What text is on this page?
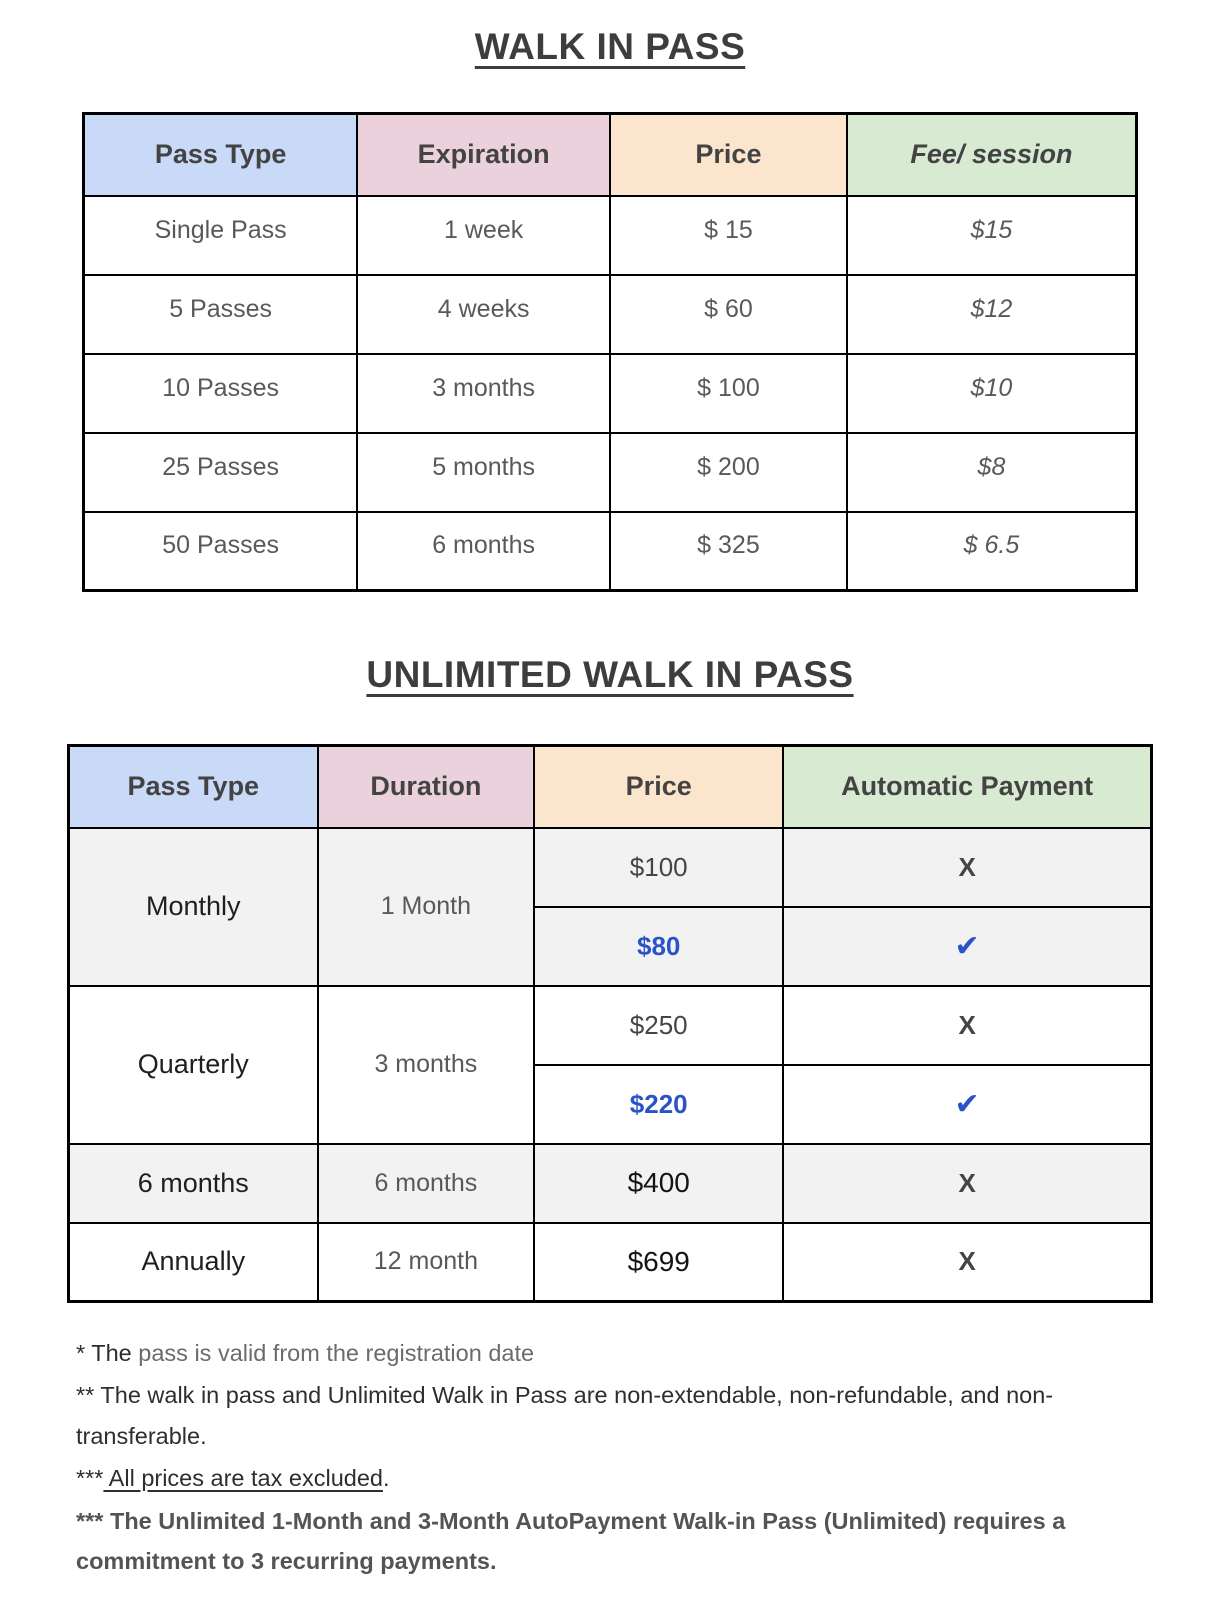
WALK IN PASS
Pass Type	Expiration	Price	Fee/ session
Single Pass	1 week	$ 15	$15
5 Passes	4 weeks	$ 60	$12
10 Passes	3 months	$ 100	$10
25 Passes	5 months	$ 200	$8
50 Passes	6 months	$ 325	$ 6.5
UNLIMITED WALK IN PASS
Pass Type	Duration	Price	Automatic Payment
Monthly	1 Month	$100	X
		$80	✔
Quarterly	3 months	$250	X
		$220	✔
6 months	6 months	$400	X
Annually	12 month	$699	X

* The pass is valid from the registration date

** The walk in pass and Unlimited Walk in Pass are non-extendable, non-refundable, and non-transferable.

*** All prices are tax excluded.

*** The Unlimited 1-Month and 3-Month AutoPayment Walk-in Pass (Unlimited) requires a commitment to 3 recurring payments.
